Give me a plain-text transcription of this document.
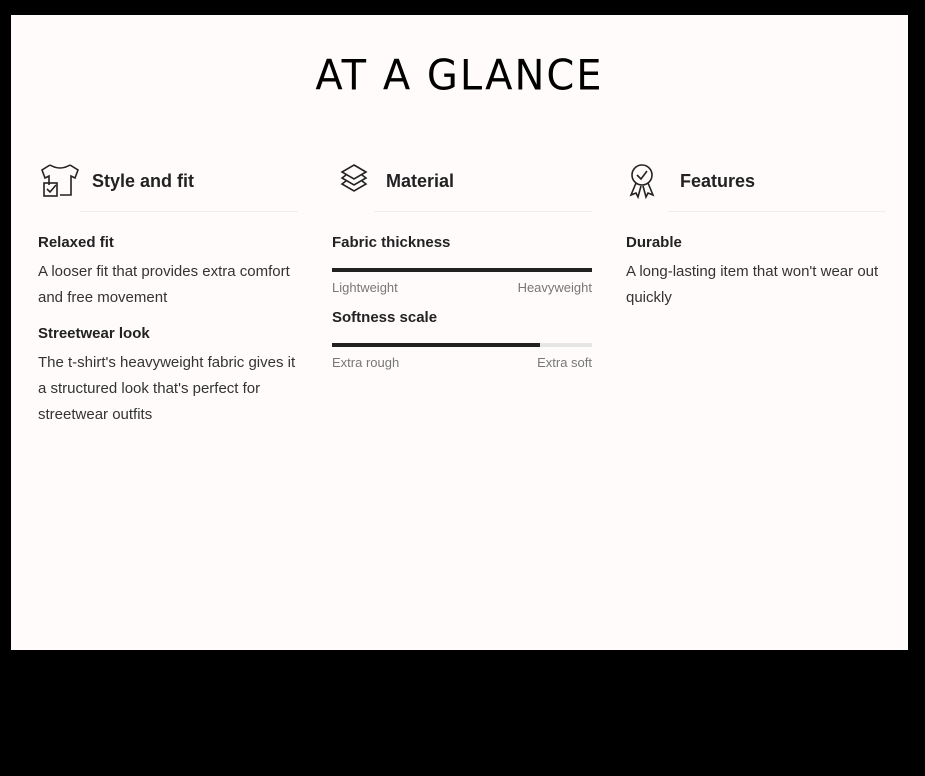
AT A GLANCE
Style and fit
Relaxed fit
A looser fit that provides extra comfort and free movement
Streetwear look
The t-shirt's heavyweight fabric gives it a structured look that's perfect for streetwear outfits
Material
Fabric thickness
Lightweight	Heavyweight
Softness scale
Extra rough	Extra soft
Features
Durable
A long-lasting item that won't wear out quickly
